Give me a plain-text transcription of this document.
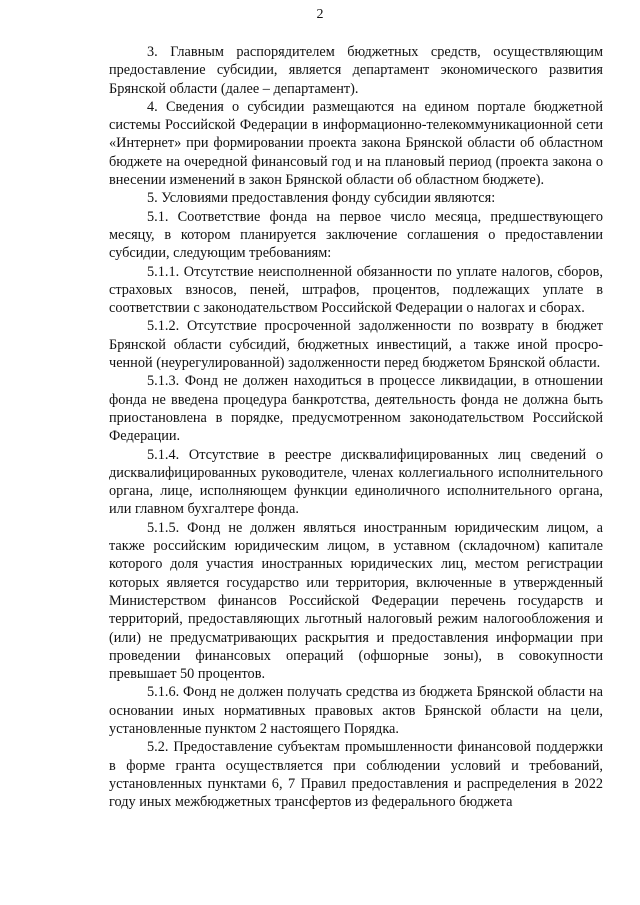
2

3. Главным распорядителем бюджетных средств, осуществляющим предоставление субсидии, является департамент экономического развития Брянской области (далее – департамент).

4. Сведения о субсидии размещаются на едином портале бюджетной системы Российской Федерации в информационно-телекоммуникационной сети «Интернет» при формировании проекта закона Брянской области об областном бюджете на очередной финансовый год и на плановый период (проекта закона о внесении изменений в закон Брянской области об областном бюджете).

5. Условиями предоставления фонду субсидии являются:

5.1. Соответствие фонда на первое число месяца, предшествующего месяцу, в котором планируется заключение соглашения о предоставлении субсидии, следующим требованиям:

5.1.1. Отсутствие неисполненной обязанности по уплате налогов, сборов, страховых взносов, пеней, штрафов, процентов, подлежащих уплате в соответствии с законодательством Российской Федерации о налогах и сборах.

5.1.2. Отсутствие просроченной задолженности по возврату в бюджет Брянской области субсидий, бюджетных инвестиций, а также иной просроченной (неурегулированной) задолженности перед бюджетом Брянской области.

5.1.3. Фонд не должен находиться в процессе ликвидации, в отношении фонда не введена процедура банкротства, деятельность фонда не должна быть приостановлена в порядке, предусмотренном законодательством Российской Федерации.

5.1.4. Отсутствие в реестре дисквалифицированных лиц сведений о дисквалифицированных руководителе, членах коллегиального исполнительного органа, лице, исполняющем функции единоличного исполнительного органа, или главном бухгалтере фонда.

5.1.5. Фонд не должен являться иностранным юридическим лицом, а также российским юридическим лицом, в уставном (складочном) капитале которого доля участия иностранных юридических лиц, местом регистрации которых является государство или территория, включенные в утвержденный Министерством финансов Российской Федерации перечень государств и территорий, предоставляющих льготный налоговый режим налогообложения и (или) не предусматривающих раскрытия и предоставления информации при проведении финансовых операций (офшорные зоны), в совокупности превышает 50 процентов.

5.1.6. Фонд не должен получать средства из бюджета Брянской области на основании иных нормативных правовых актов Брянской области на цели, установленные пунктом 2 настоящего Порядка.

5.2. Предоставление субъектам промышленности финансовой поддержки в форме гранта осуществляется при соблюдении условий и требований, установленных пунктами 6, 7 Правил предоставления и распределения в 2022 году иных межбюджетных трансфертов из федерального бюджета
